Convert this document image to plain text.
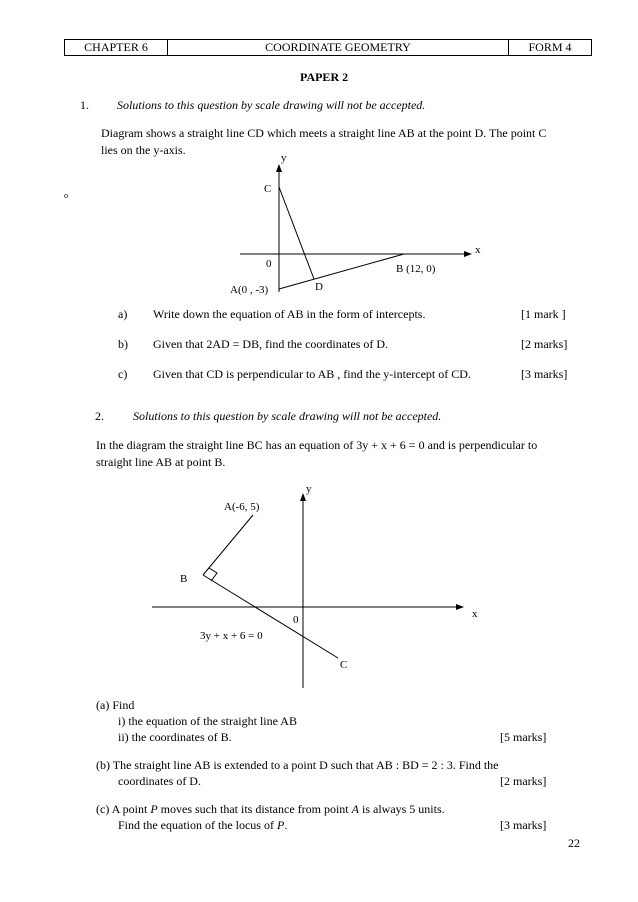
CHAPTER 6	COORDINATE GEOMETRY	FORM 4
PAPER 2
1. Solutions to this question by scale drawing will not be accepted.
Diagram shows a straight line CD which meets a straight line AB at the point D. The point C
lies on the y-axis.
o
y
x
C
0	B (12, 0)
A(0 , -3)	D
a) Write down the equation of AB in the form of intercepts.	[1 mark ]
b) Given that 2AD = DB, find the coordinates of D.	[2 marks]
c) Given that CD is perpendicular to AB , find the y-intercept of CD.	[3 marks]
2. Solutions to this question by scale drawing will not be accepted.
In the diagram the straight line BC has an equation of 3y + x + 6 = 0 and is perpendicular to
straight line AB at point B.
y
x
A(-6, 5)
B
0
3y + x + 6 = 0
C
(a) Find
i) the equation of the straight line AB
ii) the coordinates of B.	[5 marks]
(b) The straight line AB is extended to a point D such that AB : BD = 2 : 3. Find the
coordinates of D.	[2 marks]
(c) A point P moves such that its distance from point A is always 5 units.
Find the equation of the locus of P.	[3 marks]
22
